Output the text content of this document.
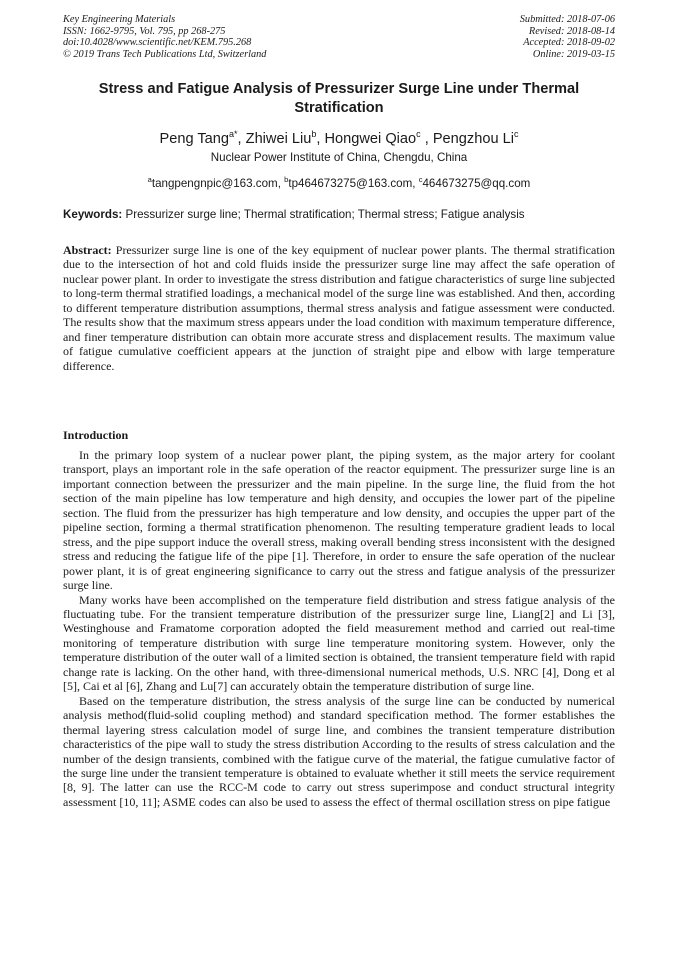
Key Engineering Materials
ISSN: 1662-9795, Vol. 795, pp 268-275
doi:10.4028/www.scientific.net/KEM.795.268
© 2019 Trans Tech Publications Ltd, Switzerland
Submitted: 2018-07-06
Revised: 2018-08-14
Accepted: 2018-09-02
Online: 2019-03-15
Stress and Fatigue Analysis of Pressurizer Surge Line under Thermal Stratification
Peng Tang$^{a*}$, Zhiwei Liu$^b$, Hongwei Qiao$^c$ , Pengzhou Li$^c$
Nuclear Power Institute of China, Chengdu, China
$^a$tangpengnpic@163.com, $^b$tp464673275@163.com, $^c$464673275@qq.com
Keywords: Pressurizer surge line; Thermal stratification; Thermal stress; Fatigue analysis
Abstract: Pressurizer surge line is one of the key equipment of nuclear power plants. The thermal stratification due to the intersection of hot and cold fluids inside the pressurizer surge line may affect the safe operation of nuclear power plant. In order to investigate the stress distribution and fatigue characteristics of surge line subjected to long-term thermal stratified loadings, a mechanical model of the surge line was established. And then, according to different temperature distribution assumptions, thermal stress analysis and fatigue assessment were conducted. The results show that the maximum stress appears under the load condition with maximum temperature difference, and finer temperature distribution can obtain more accurate stress and displacement results. The maximum value of fatigue cumulative coefficient appears at the junction of straight pipe and elbow with large temperature difference.
Introduction

In the primary loop system of a nuclear power plant, the piping system, as the major artery for coolant transport, plays an important role in the safe operation of the reactor equipment. The pressurizer surge line is an important connection between the pressurizer and the main pipeline. In the surge line, the fluid from the hot section of the main pipeline has low temperature and high density, and occupies the lower part of the pipeline section. The fluid from the pressurizer has high temperature and low density, and occupies the upper part of the pipeline section, forming a thermal stratification phenomenon. The resulting temperature gradient leads to local stress, and the pipe support induce the overall stress, making overall bending stress inconsistent with the designed stress and reducing the fatigue life of the pipe [1]. Therefore, in order to ensure the safe operation of the nuclear power plant, it is of great engineering significance to carry out the stress and fatigue analysis of the pressurizer surge line.

Many works have been accomplished on the temperature field distribution and stress fatigue analysis of the fluctuating tube. For the transient temperature distribution of the pressurizer surge line, Liang[2] and Li [3], Westinghouse and Framatome corporation adopted the field measurement method and carried out real-time monitoring of temperature distribution with surge line temperature monitoring system. However, only the temperature distribution of the outer wall of a limited section is obtained, the transient temperature field with rapid change rate is lacking. On the other hand, with three-dimensional numerical methods, U.S. NRC [4], Dong et al [5], Cai et al [6], Zhang and Lu[7] can accurately obtain the temperature distribution of surge line.

Based on the temperature distribution, the stress analysis of the surge line can be conducted by numerical analysis method(fluid-solid coupling method) and standard specification method. The former establishes the thermal layering stress calculation model of surge line, and combines the transient temperature distribution characteristics of the pipe wall to study the stress distribution According to the results of stress calculation and the number of the design transients, combined with the fatigue curve of the material, the fatigue cumulative factor of the surge line under the transient temperature is obtained to evaluate whether it still meets the service requirement [8, 9]. The latter can use the RCC-M code to carry out stress superimpose and conduct structural integrity assessment [10, 11]; ASME codes can also be used to assess the effect of thermal oscillation stress on pipe fatigue
